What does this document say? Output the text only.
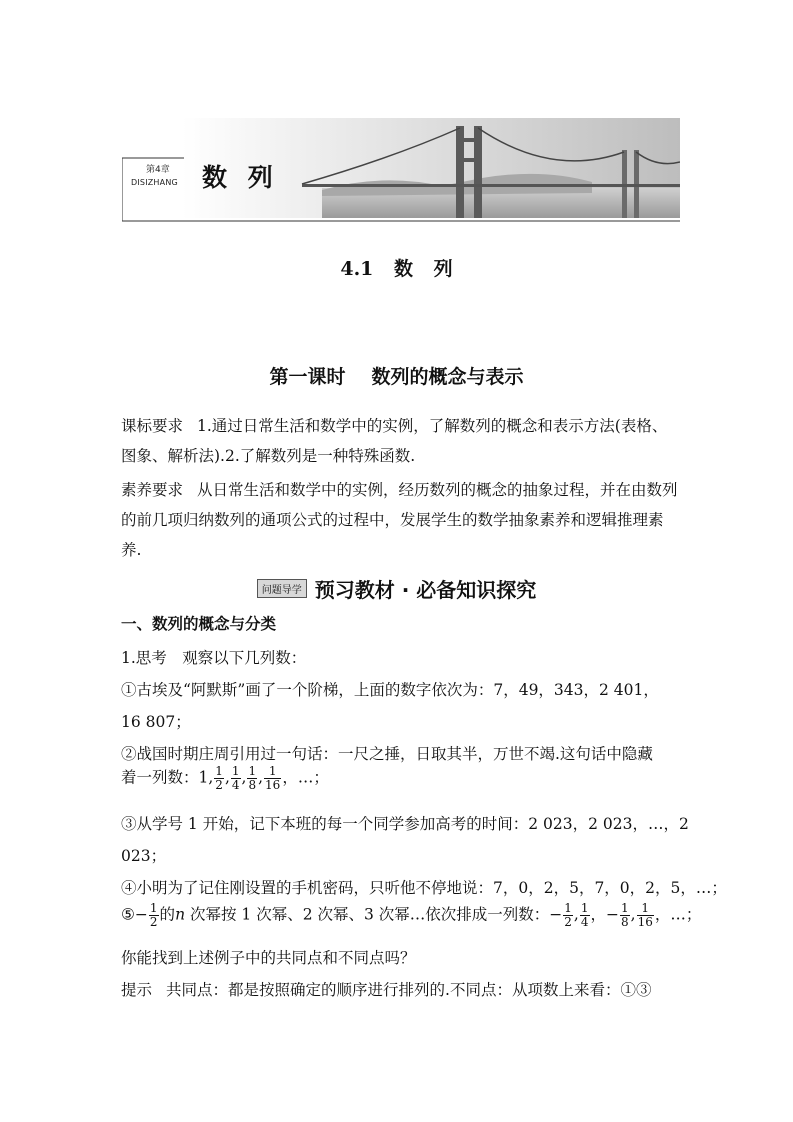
第4章
DISIZHANG 数 列
4.1 数 列
第一课时 数列的概念与表示
课标要求 1.通过日常生活和数学中的实例，了解数列的概念和表示方法(表格、图象、解析法).2.了解数列是一种特殊函数.
素养要求 从日常生活和数学中的实例，经历数列的概念的抽象过程，并在由数列的前几项归纳数列的通项公式的过程中，发展学生的数学抽象素养和逻辑推理素养.
问题导学 预习教材 · 必备知识探究
一、数列的概念与分类
1.思考　观察以下几列数：
①古埃及“阿默斯”画了一个阶梯，上面的数字依次为：7，49，343，2 401，
16 807；
②战国时期庄周引用过一句话：一尺之捶，日取其半，万世不竭.这句话中隐藏
着一列数：1, $\frac{1}{2}$ , $\frac{1}{4}$ , $\frac{1}{8}$ , $\frac{1}{16}$ ，…；
③从学号 1 开始，记下本班的每一个同学参加高考的时间：2 023，2 023，…，2
023；
④小明为了记住刚设置的手机密码，只听他不停地说：7，0，2，5，7，0，2，5，…；
⑤− $\frac{1}{2}$ 的n 次幂按 1 次幂、2 次幂、3 次幂…依次排成一列数：− $\frac{1}{2}$ , $\frac{1}{4}$ ，− $\frac{1}{8}$ , $\frac{1}{16}$ ，…；
你能找到上述例子中的共同点和不同点吗？
提示 共同点：都是按照确定的顺序进行排列的.不同点：从项数上来看：①③
